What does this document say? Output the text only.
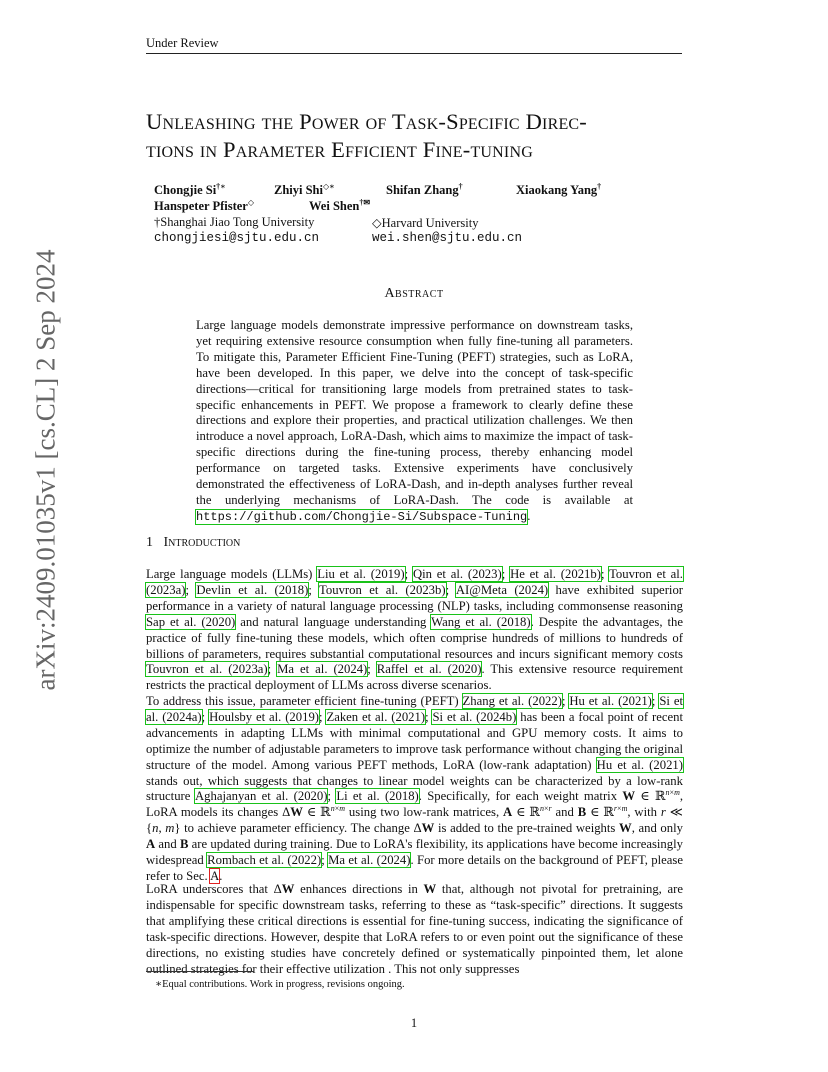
Under Review
arXiv:2409.01035v1 [cs.CL] 2 Sep 2024
Unleashing the Power of Task-Specific Direc-
tions in Parameter Efficient Fine-tuning
Chongjie Si†∗	Zhiyi Shi◇∗	Shifan Zhang†	Xiaokang Yang†
Hanspeter Pfister◇	Wei Shen†✉
†Shanghai Jiao Tong University	◇Harvard University
chongjiesi@sjtu.edu.cn	wei.shen@sjtu.edu.cn
Abstract
Large language models demonstrate impressive performance on downstream tasks, yet requiring extensive resource consumption when fully fine-tuning all parameters. To mitigate this, Parameter Efficient Fine-Tuning (PEFT) strategies, such as LoRA, have been developed. In this paper, we delve into the concept of task-specific directions—critical for transitioning large models from pretrained states to task-specific enhancements in PEFT. We propose a framework to clearly define these directions and explore their properties, and practical utilization challenges. We then introduce a novel approach, LoRA-Dash, which aims to maximize the impact of task-specific directions during the fine-tuning process, thereby enhancing model performance on targeted tasks. Extensive experiments have conclusively demonstrated the effectiveness of LoRA-Dash, and in-depth analyses further reveal the underlying mechanisms of LoRA-Dash. The code is available at https://github.com/Chongjie-Si/Subspace-Tuning.
1 Introduction
Large language models (LLMs) Liu et al. (2019); Qin et al. (2023); He et al. (2021b); Touvron et al. (2023a); Devlin et al. (2018); Touvron et al. (2023b); AI@Meta (2024) have exhibited superior performance in a variety of natural language processing (NLP) tasks, including commonsense reasoning Sap et al. (2020) and natural language understanding Wang et al. (2018). Despite the advantages, the practice of fully fine-tuning these models, which often comprise hundreds of millions to hundreds of billions of parameters, requires substantial computational resources and incurs significant memory costs Touvron et al. (2023a); Ma et al. (2024); Raffel et al. (2020). This extensive resource requirement restricts the practical deployment of LLMs across diverse scenarios.
To address this issue, parameter efficient fine-tuning (PEFT) Zhang et al. (2022); Hu et al. (2021); Si et al. (2024a); Houlsby et al. (2019); Zaken et al. (2021); Si et al. (2024b) has been a focal point of recent advancements in adapting LLMs with minimal computational and GPU memory costs. It aims to optimize the number of adjustable parameters to improve task performance without changing the original structure of the model. Among various PEFT methods, LoRA (low-rank adaptation) Hu et al. (2021) stands out, which suggests that changes to linear model weights can be characterized by a low-rank structure Aghajanyan et al. (2020); Li et al. (2018). Specifically, for each weight matrix W ∈ ℝ$^{n\times m}$, LoRA models its changes ΔW ∈ ℝ$^{n\times m}$ using two low-rank matrices, A ∈ ℝ$^{n\times r}$ and B ∈ ℝ$^{r\times m}$, with r ≪ {n, m} to achieve parameter efficiency. The change ΔW is added to the pre-trained weights W, and only A and B are updated during training. Due to LoRA's flexibility, its applications have become increasingly widespread Rombach et al. (2022); Ma et al. (2024). For more details on the background of PEFT, please refer to Sec. A.
LoRA underscores that ΔW enhances directions in W that, although not pivotal for pretraining, are indispensable for specific downstream tasks, referring to these as “task-specific” directions. It suggests that amplifying these critical directions is essential for fine-tuning success, indicating the significance of task-specific directions. However, despite that LoRA refers to or even point out the significance of these directions, no existing studies have concretely defined or systematically pinpointed them, let alone outlined strategies for their effective utilization . This not only suppresses
∗Equal contributions. Work in progress, revisions ongoing.
1
